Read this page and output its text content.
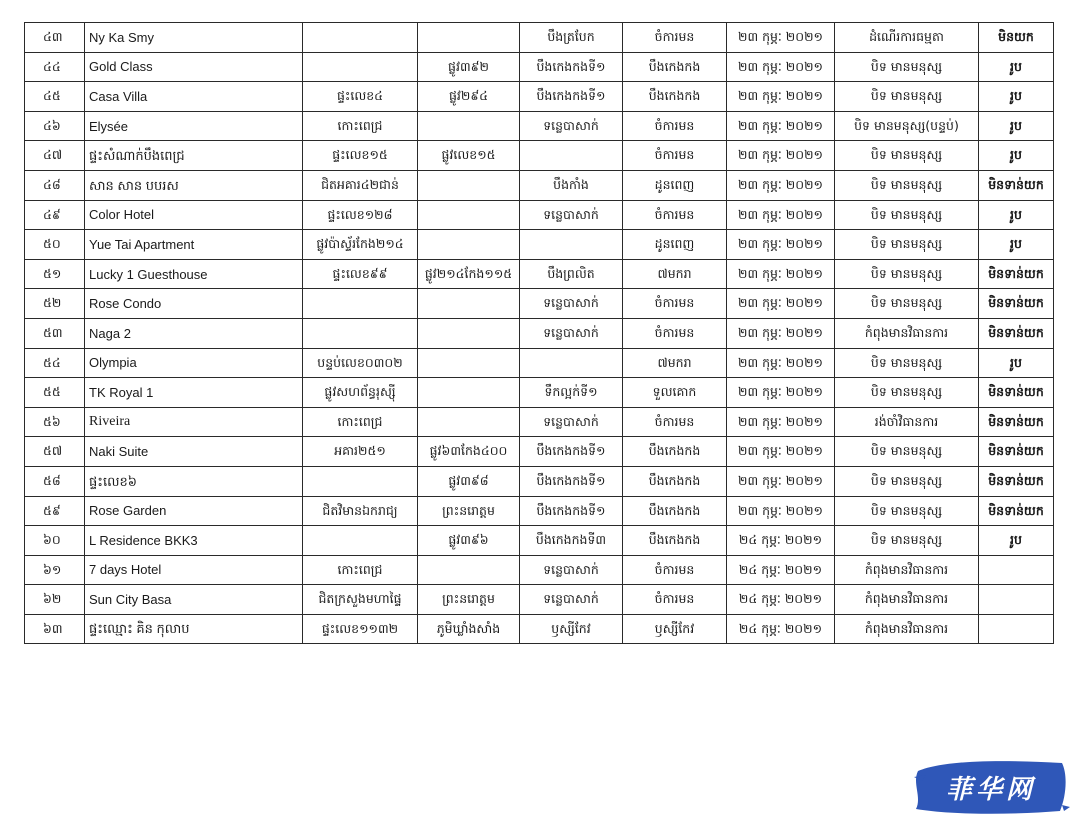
៤៣	Ny Ka Smy			បឹងត្របែក	ចំការមន	២៣ កុម្ភៈ ២០២១	ដំណើរការធម្មតា	មិនយក
៤៤	Gold Class		ផ្លូវ៣៩២	បឹងកេងកងទី១	បឹងកេងកង	២៣ កុម្ភៈ ២០២១	បិទ មានមនុស្ស	រូប
៤៥	Casa Villa	ផ្ទះលេខ៤	ផ្លូវ២៩៤	បឹងកេងកងទី១	បឹងកេងកង	២៣ កុម្ភៈ ២០២១	បិទ មានមនុស្ស	រូប
៤៦	Elysée	កោះពេជ្រ		ទន្លេបាសាក់	ចំការមន	២៣ កុម្ភៈ ២០២១	បិទ មានមនុស្ស(បន្ទប់)	រូប
៤៧	ផ្ទះសំណាក់បឹងពេជ្រ	ផ្ទះលេខ១៥	ផ្លូវលេខ១៥		ចំការមន	២៣ កុម្ភៈ ២០២១	បិទ មានមនុស្ស	រូប
៤៨	សាន សាន បបរស	ជិតអគារ៤២ជាន់		បឹងកាំង	ដូនពេញ	២៣ កុម្ភៈ ២០២១	បិទ មានមនុស្ស	មិនទាន់យក
៤៩	Color Hotel	ផ្ទះលេខ១២៨		ទន្លេបាសាក់	ចំការមន	២៣ កុម្ភៈ ២០២១	បិទ មានមនុស្ស	រូប
៥០	Yue Tai Apartment	ផ្លូវប៉ាស្ទ័រកែង២១៤			ដូនពេញ	២៣ កុម្ភៈ ២០២១	បិទ មានមនុស្ស	រូប
៥១	Lucky 1 Guesthouse	ផ្ទះលេខ៩៩	ផ្លូវ២១៤កែង១១៥	បឹងព្រលិត	៧មករា	២៣ កុម្ភៈ ២០២១	បិទ មានមនុស្ស	មិនទាន់យក
៥២	Rose Condo			ទន្លេបាសាក់	ចំការមន	២៣ កុម្ភៈ ២០២១	បិទ មានមនុស្ស	មិនទាន់យក
៥៣	Naga 2			ទន្លេបាសាក់	ចំការមន	២៣ កុម្ភៈ ២០២១	កំពុងមានវិធានការ	មិនទាន់យក
៥៤	Olympia	បន្ទប់លេខ០៣០២			៧មករា	២៣ កុម្ភៈ ២០២១	បិទ មានមនុស្ស	រូប
៥៥	TK Royal 1	ផ្លូវសហព័ន្ធរុស្ស៊ី		ទឹកល្អក់ទី១	ទួលគោក	២៣ កុម្ភៈ ២០២១	បិទ មានមនុស្ស	មិនទាន់យក
៥៦	Riveira	កោះពេជ្រ		ទន្លេបាសាក់	ចំការមន	២៣ កុម្ភៈ ២០២១	រង់ចាំវិធានការ	មិនទាន់យក
៥៧	Naki Suite	អគារ២៥១	ផ្លូវ៦៣កែង៤០០	បឹងកេងកងទី១	បឹងកេងកង	២៣ កុម្ភៈ ២០២១	បិទ មានមនុស្ស	មិនទាន់យក
៥៨	ផ្ទះលេខ៦		ផ្លូវ៣៩៨	បឹងកេងកងទី១	បឹងកេងកង	២៣ កុម្ភៈ ២០២១	បិទ មានមនុស្ស	មិនទាន់យក
៥៩	Rose Garden	ជិតវិមានឯករាជ្យ	ព្រះនរោត្តម	បឹងកេងកងទី១	បឹងកេងកង	២៣ កុម្ភៈ ២០២១	បិទ មានមនុស្ស	មិនទាន់យក
៦០	L Residence BKK3		ផ្លូវ៣៩៦	បឹងកេងកងទី៣	បឹងកេងកង	២៤ កុម្ភៈ ២០២១	បិទ មានមនុស្ស	រូប
៦១	7 days Hotel	កោះពេជ្រ		ទន្លេបាសាក់	ចំការមន	២៤ កុម្ភៈ ២០២១	កំពុងមានវិធានការ	
៦២	Sun City Basa	ជិតក្រសួងមហាផ្ទៃ	ព្រះនរោត្តម	ទន្លេបាសាក់	ចំការមន	២៤ កុម្ភៈ ២០២១	កំពុងមានវិធានការ	
៦៣	ផ្ទះឈ្មោះ គិន កុលាប	ផ្ទះលេខ១១៣២	ភូមិឃ្លាំងសាំង	ឫស្សីកែវ	ឫស្សីកែវ	២៤ កុម្ភៈ ២០២១	កំពុងមានវិធានការ	
菲华网
